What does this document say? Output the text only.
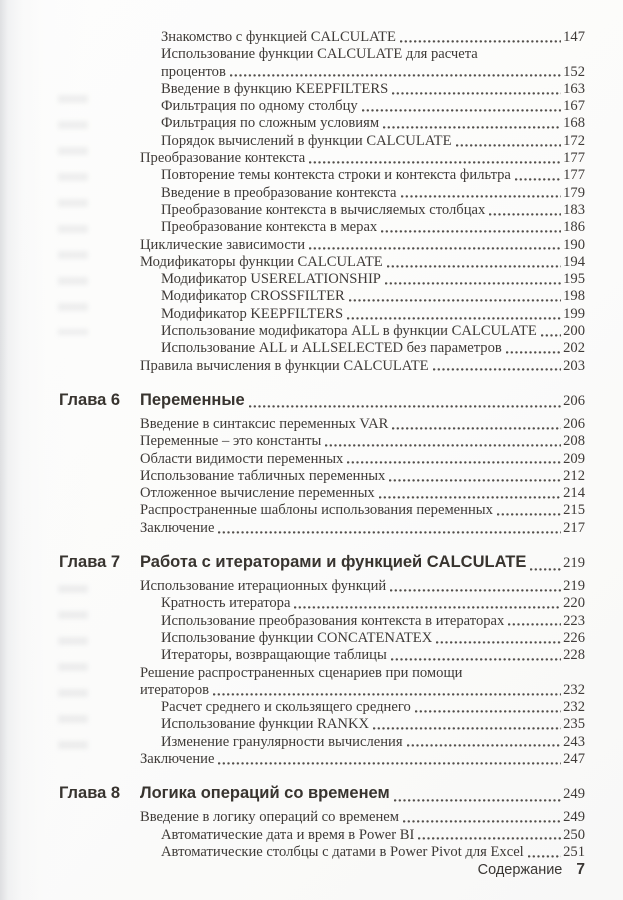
Знакомство с функцией CALCULATE	147
Использование функции CALCULATE для расчета
процентов	152
Введение в функцию KEEPFILTERS	163
Фильтрация по одному столбцу	167
Фильтрация по сложным условиям	168
Порядок вычислений в функции CALCULATE	172
Преобразование контекста	177
Повторение темы контекста строки и контекста фильтра	177
Введение в преобразование контекста	179
Преобразование контекста в вычисляемых столбцах	183
Преобразование контекста в мерах	186
Циклические зависимости	190
Модификаторы функции CALCULATE	194
Модификатор USERELATIONSHIP	195
Модификатор CROSSFILTER	198
Модификатор KEEPFILTERS	199
Использование модификатора ALL в функции CALCULATE 200
Использование ALL и ALLSELECTED без параметров	202
Правила вычисления в функции CALCULATE	203
Глава 6	Переменные	206
Введение в синтаксис переменных VAR	206
Переменные – это константы	208
Области видимости переменных	209
Использование табличных переменных	212
Отложенное вычисление переменных	214
Распространенные шаблоны использования переменных	215
Заключение	217
Глава 7	Работа с итераторами и функцией CALCULATE	219
Использование итерационных функций	219
Кратность итератора	220
Использование преобразования контекста в итераторах	223
Использование функции CONCATENATEX	226
Итераторы, возвращающие таблицы	228
Решение распространенных сценариев при помощи
итераторов	232
Расчет среднего и скользящего среднего	232
Использование функции RANKX	235
Изменение гранулярности вычисления	243
Заключение	247
Глава 8	Логика операций со временем	249
Введение в логику операций со временем	249
Автоматические дата и время в Power BI	250
Автоматические столбцы с датами в Power Pivot для Excel	251
Содержание 7
